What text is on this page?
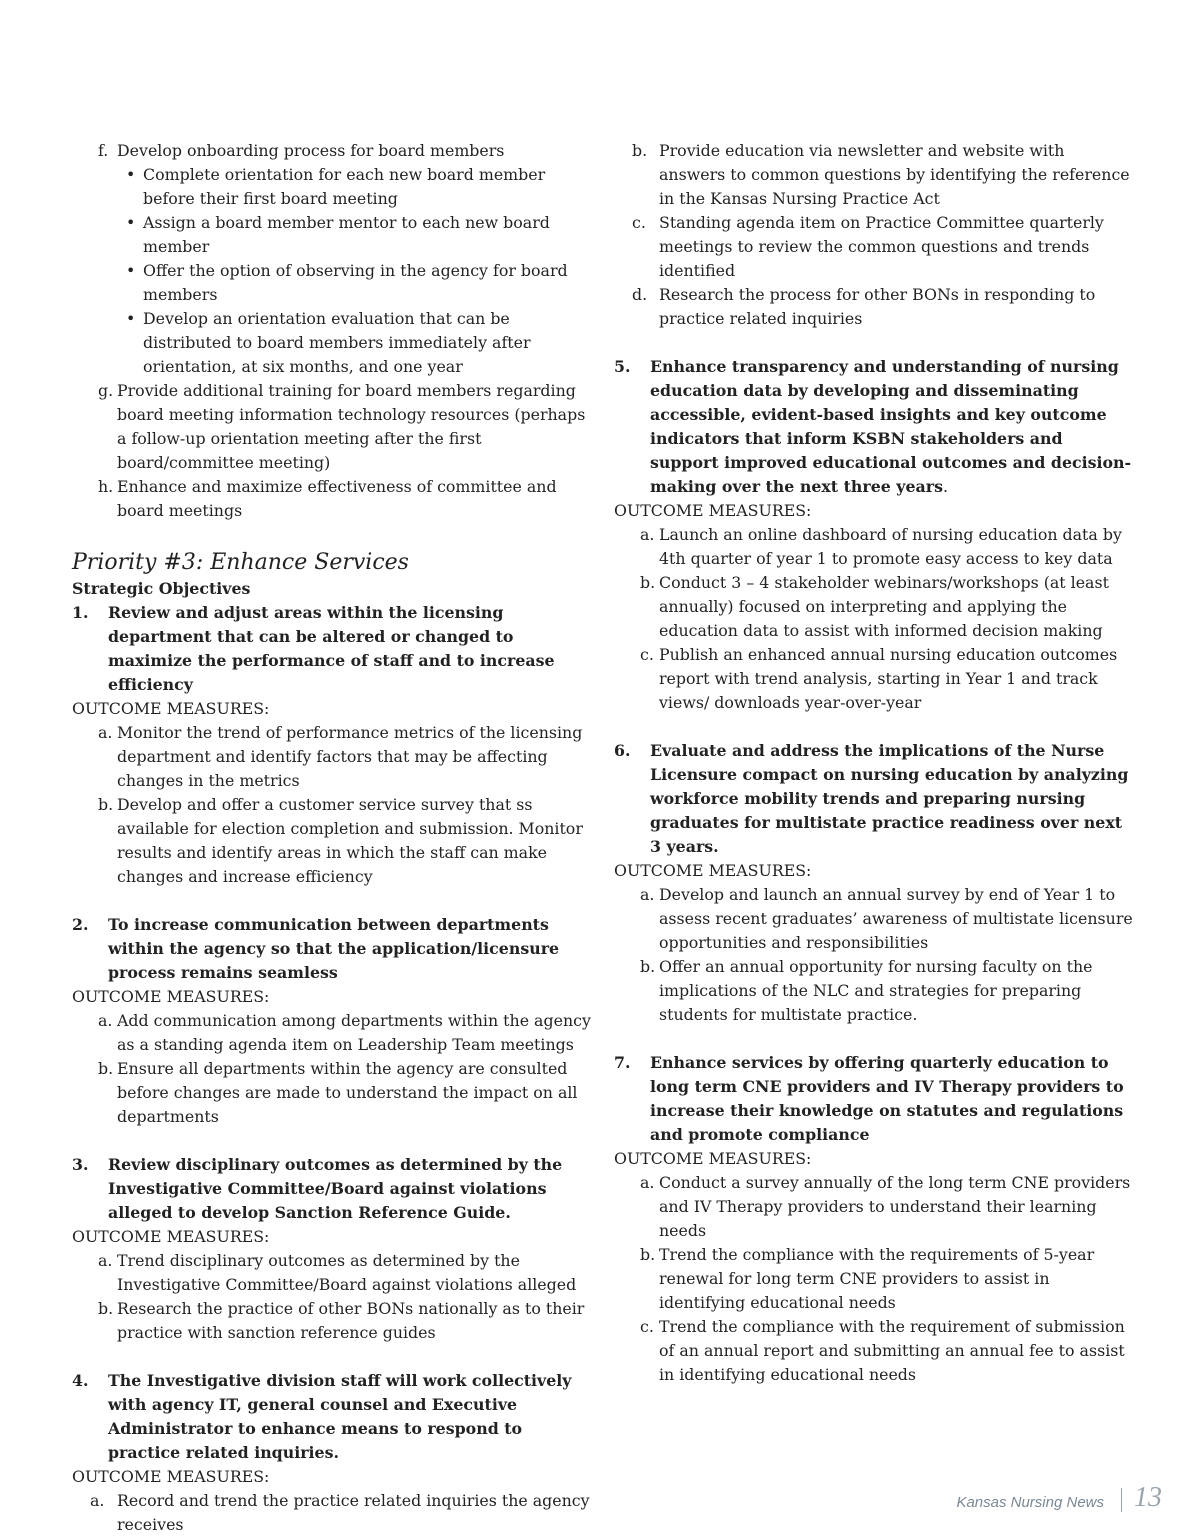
f. Develop onboarding process for board members
• Complete orientation for each new board member before their first board meeting
• Assign a board member mentor to each new board member
• Offer the option of observing in the agency for board members
• Develop an orientation evaluation that can be distributed to board members immediately after orientation, at six months, and one year
g. Provide additional training for board members regarding board meeting information technology resources (perhaps a follow-up orientation meeting after the first board/committee meeting)
h. Enhance and maximize effectiveness of committee and board meetings
Priority #3: Enhance Services
Strategic Objectives
1. Review and adjust areas within the licensing department that can be altered or changed to maximize the performance of staff and to increase efficiency
OUTCOME MEASURES:
a. Monitor the trend of performance metrics of the licensing department and identify factors that may be affecting changes in the metrics
b. Develop and offer a customer service survey that ss available for election completion and submission. Monitor results and identify areas in which the staff can make changes and increase efficiency
2. To increase communication between departments within the agency so that the application/licensure process remains seamless
OUTCOME MEASURES:
a. Add communication among departments within the agency as a standing agenda item on Leadership Team meetings
b. Ensure all departments within the agency are consulted before changes are made to understand the impact on all departments
3. Review disciplinary outcomes as determined by the Investigative Committee/Board against violations alleged to develop Sanction Reference Guide.
OUTCOME MEASURES:
a. Trend disciplinary outcomes as determined by the Investigative Committee/Board against violations alleged
b. Research the practice of other BONs nationally as to their practice with sanction reference guides
4. The Investigative division staff will work collectively with agency IT, general counsel and Executive Administrator to enhance means to respond to practice related inquiries.
OUTCOME MEASURES:
a. Record and trend the practice related inquiries the agency receives
b. Provide education via newsletter and website with answers to common questions by identifying the reference in the Kansas Nursing Practice Act
c. Standing agenda item on Practice Committee quarterly meetings to review the common questions and trends identified
d. Research the process for other BONs in responding to practice related inquiries
5. Enhance transparency and understanding of nursing education data by developing and disseminating accessible, evident-based insights and key outcome indicators that inform KSBN stakeholders and support improved educational outcomes and decision-making over the next three years.
OUTCOME MEASURES:
a. Launch an online dashboard of nursing education data by 4th quarter of year 1 to promote easy access to key data
b. Conduct 3 – 4 stakeholder webinars/workshops (at least annually) focused on interpreting and applying the education data to assist with informed decision making
c. Publish an enhanced annual nursing education outcomes report with trend analysis, starting in Year 1 and track views/ downloads year-over-year
6. Evaluate and address the implications of the Nurse Licensure compact on nursing education by analyzing workforce mobility trends and preparing nursing graduates for multistate practice readiness over next 3 years.
OUTCOME MEASURES:
a. Develop and launch an annual survey by end of Year 1 to assess recent graduates’ awareness of multistate licensure opportunities and responsibilities
b. Offer an annual opportunity for nursing faculty on the implications of the NLC and strategies for preparing students for multistate practice.
7. Enhance services by offering quarterly education to long term CNE providers and IV Therapy providers to increase their knowledge on statutes and regulations and promote compliance
OUTCOME MEASURES:
a. Conduct a survey annually of the long term CNE providers and IV Therapy providers to understand their learning needs
b. Trend the compliance with the requirements of 5-year renewal for long term CNE providers to assist in identifying educational needs
c. Trend the compliance with the requirement of submission of an annual report and submitting an annual fee to assist in identifying educational needs
Kansas Nursing News 13
